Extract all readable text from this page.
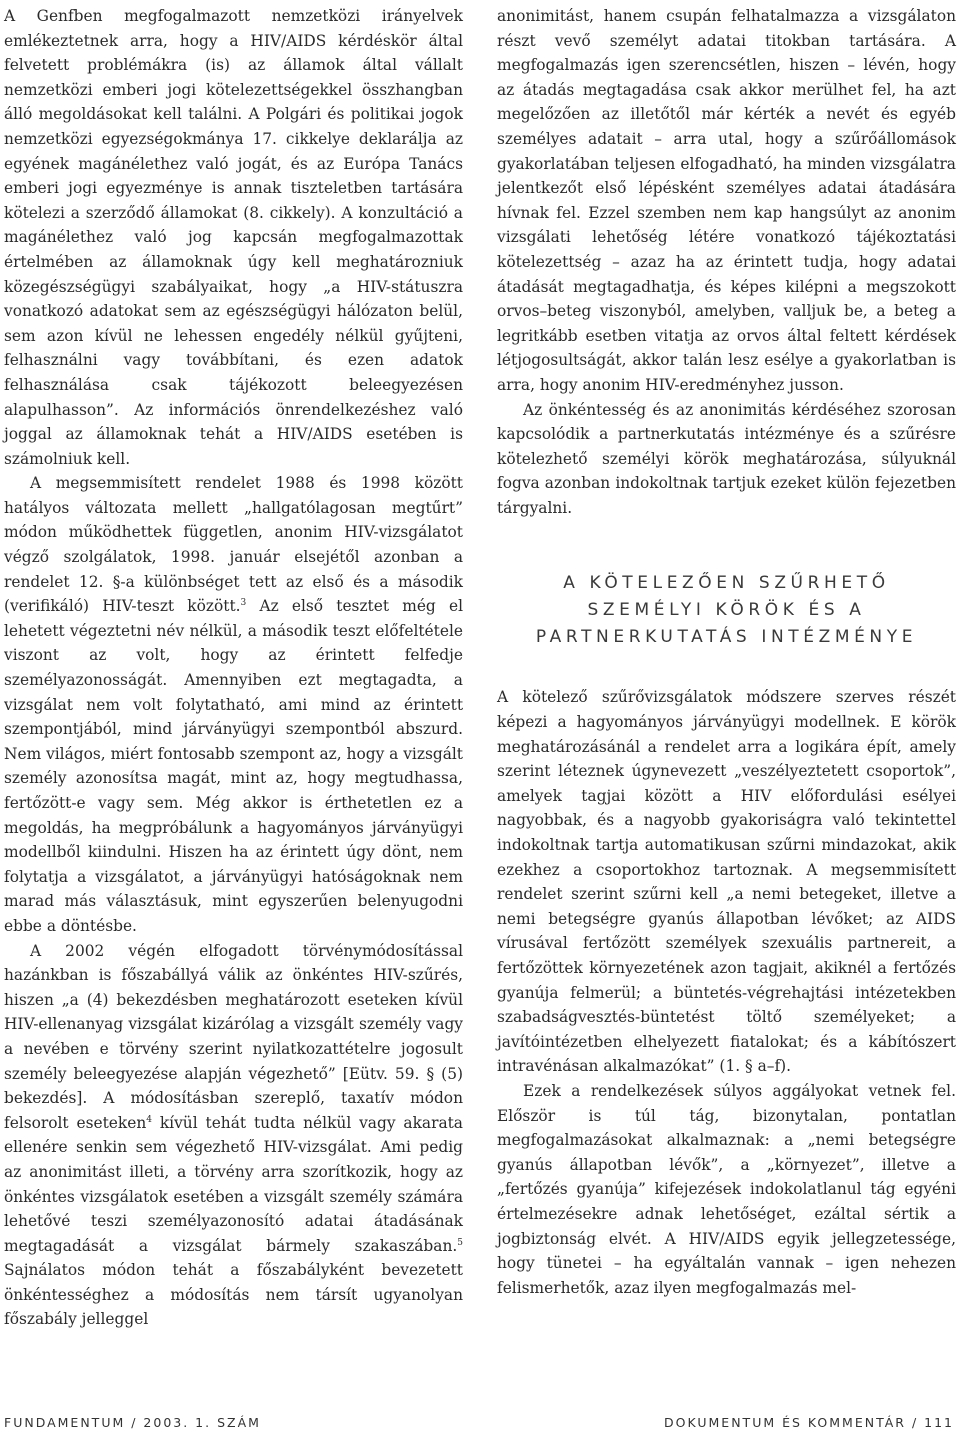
A Genfben megfogalmazott nemzetközi irányelvek emlékeztetnek arra, hogy a HIV/AIDS kérdéskör által felvetett problémákra (is) az államok által vállalt nemzetközi emberi jogi kötelezettségekkel összhangban álló megoldásokat kell találni. A Polgári és politikai jogok nemzetközi egyezségokmánya 17. cikkelye deklarálja az egyének magánélethez való jogát, és az Európa Tanács emberi jogi egyezménye is annak tiszteletben tartására kötelezi a szerződő államokat (8. cikkely). A konzultáció a magánélethez való jog kapcsán megfogalmazottak értelmében az államoknak úgy kell meghatározniuk közegészségügyi szabályaikat, hogy „a HIV-státuszra vonatkozó adatokat sem az egészségügyi hálózaton belül, sem azon kívül ne lehessen engedély nélkül gyűjteni, felhasználni vagy továbbítani, és ezen adatok felhasználása csak tájékozott beleegyezésen alapulhasson”. Az információs önrendelkezéshez való joggal az államoknak tehát a HIV/AIDS esetében is számolniuk kell.

A megsemmisített rendelet 1988 és 1998 között hatályos változata mellett „hallgatólagosan megtűrt” módon működhettek független, anonim HIV-vizsgálatot végző szolgálatok, 1998. január elsejétől azonban a rendelet 12. §-a különbséget tett az első és a második (verifikáló) HIV-teszt között.$^3$ Az első tesztet még el lehetett végeztetni név nélkül, a második teszt előfeltétele viszont az volt, hogy az érintett felfedje személyazonosságát. Amennyiben ezt megtagadta, a vizsgálat nem volt folytatható, ami mind az érintett szempontjából, mind járványügyi szempontból abszurd. Nem világos, miért fontosabb szempont az, hogy a vizsgált személy azonosítsa magát, mint az, hogy megtudhassa, fertőzött-e vagy sem. Még akkor is érthetetlen ez a megoldás, ha megpróbálunk a hagyományos járványügyi modellből kiindulni. Hiszen ha az érintett úgy dönt, nem folytatja a vizsgálatot, a járványügyi hatóságoknak nem marad más választásuk, mint egyszerűen belenyugodni ebbe a döntésbe.

A 2002 végén elfogadott törvénymódosítással hazánkban is főszabállyá válik az önkéntes HIV-szűrés, hiszen „a (4) bekezdésben meghatározott eseteken kívül HIV-ellenanyag vizsgálat kizárólag a vizsgált személy vagy a nevében e törvény szerint nyilatkozattételre jogosult személy beleegyezése alapján végezhető” [Eütv. 59. § (5) bekezdés]. A módosításban szereplő, taxatív módon felsorolt eseteken$^4$ kívül tehát tudta nélkül vagy akarata ellenére senkin sem végezhető HIV-vizsgálat. Ami pedig az anonimitást illeti, a törvény arra szorítkozik, hogy az önkéntes vizsgálatok esetében a vizsgált személy számára lehetővé teszi személyazonosító adatai átadásának megtagadását a vizsgálat bármely szakaszában.$^5$ Sajnálatos módon tehát a főszabályként bevezetett önkéntességhez a módosítás nem társít ugyanolyan főszabály jelleggel

anonimitást, hanem csupán felhatalmazza a vizsgálaton részt vevő személyt adatai titokban tartására. A megfogalmazás igen szerencsétlen, hiszen – lévén, hogy az átadás megtagadása csak akkor merülhet fel, ha azt megelőzően az illetőtől már kérték a nevét és egyéb személyes adatait – arra utal, hogy a szűrőállomások gyakorlatában teljesen elfogadható, ha minden vizsgálatra jelentkezőt első lépésként személyes adatai átadására hívnak fel. Ezzel szemben nem kap hangsúlyt az anonim vizsgálati lehetőség létére vonatkozó tájékoztatási kötelezettség – azaz ha az érintett tudja, hogy adatai átadását megtagadhatja, és képes kilépni a megszokott orvos–beteg viszonyból, amelyben, valljuk be, a beteg a legritkább esetben vitatja az orvos által feltett kérdések létjogosultságát, akkor talán lesz esélye a gyakorlatban is arra, hogy anonim HIV-eredményhez jusson.

Az önkéntesség és az anonimitás kérdéséhez szorosan kapcsolódik a partnerkutatás intézménye és a szűrésre kötelezhető személyi körök meghatározása, súlyuknál fogva azonban indokoltnak tartjuk ezeket külön fejezetben tárgyalni.

A KÖTELEZŐEN SZŰRHETŐ
SZEMÉLYI KÖRÖK ÉS A
PARTNERKUTATÁS INTÉZMÉNYE

A kötelező szűrővizsgálatok módszere szerves részét képezi a hagyományos járványügyi modellnek. E körök meghatározásánál a rendelet arra a logikára épít, amely szerint léteznek úgynevezett „veszélyeztetett csoportok”, amelyek tagjai között a HIV előfordulási esélyei nagyobbak, és a nagyobb gyakoriságra való tekintettel indokoltnak tartja automatikusan szűrni mindazokat, akik ezekhez a csoportokhoz tartoznak. A megsemmisített rendelet szerint szűrni kell „a nemi betegeket, illetve a nemi betegségre gyanús állapotban lévőket; az AIDS vírusával fertőzött személyek szexuális partnereit, a fertőzöttek környezetének azon tagjait, akiknél a fertőzés gyanúja felmerül; a büntetés-végrehajtási intézetekben szabadságvesztés-büntetést töltő személyeket; a javítóintézetben elhelyezett fiatalokat; és a kábítószert intravénásan alkalmazókat” (1. § a–f).

Ezek a rendelkezések súlyos aggályokat vetnek fel. Először is túl tág, bizonytalan, pontatlan megfogalmazásokat alkalmaznak: a „nemi betegségre gyanús állapotban lévők”, a „környezet”, illetve a „fertőzés gyanúja” kifejezések indokolatlanul tág egyéni értelmezésekre adnak lehetőséget, ezáltal sértik a jogbiztonság elvét. A HIV/AIDS egyik jellegzetessége, hogy tünetei – ha egyáltalán vannak – igen nehezen felismerhetők, azaz ilyen megfogalmazás mel-

FUNDAMENTUM / 2003. 1. SZÁM	DOKUMENTUM ÉS KOMMENTÁR / 111
